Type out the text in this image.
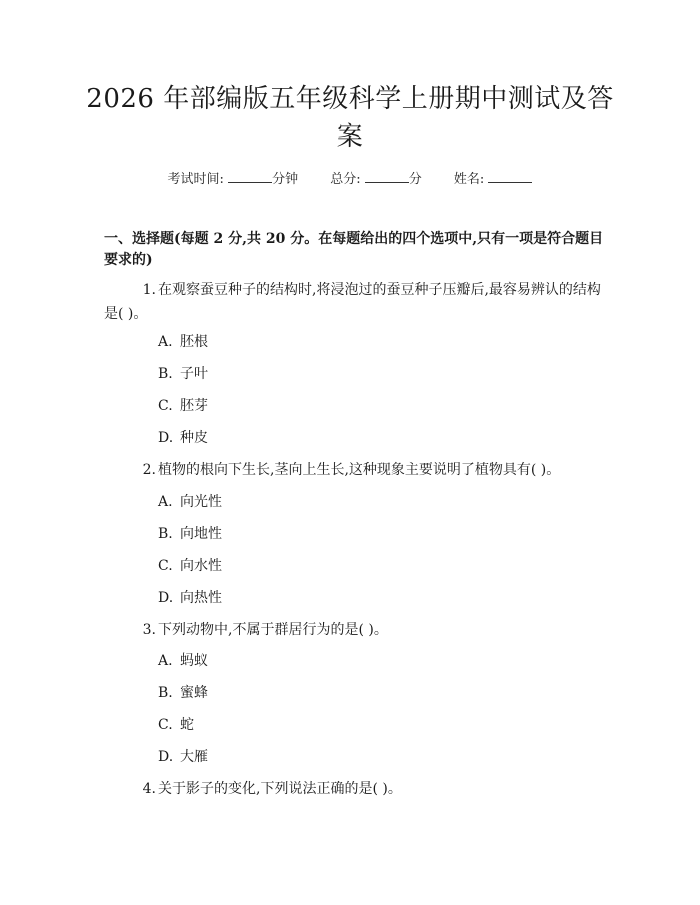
2026 年部编版五年级科学上册期中测试及答
案
考试时间:	分钟 总分:	分 姓名:
一、选择题(每题 2 分,共 20 分。在每题给出的四个选项中,只有一项是符合题目要求的)
1. 在观察蚕豆种子的结构时,将浸泡过的蚕豆种子压瓣后,最容易辨认的结构是( )。
A. 胚根
B. 子叶
C. 胚芽
D. 种皮
2. 植物的根向下生长,茎向上生长,这种现象主要说明了植物具有( )。
A. 向光性
B. 向地性
C. 向水性
D. 向热性
3. 下列动物中,不属于群居行为的是( )。
A. 蚂蚁
B. 蜜蜂
C. 蛇
D. 大雁
4. 关于影子的变化,下列说法正确的是( )。
